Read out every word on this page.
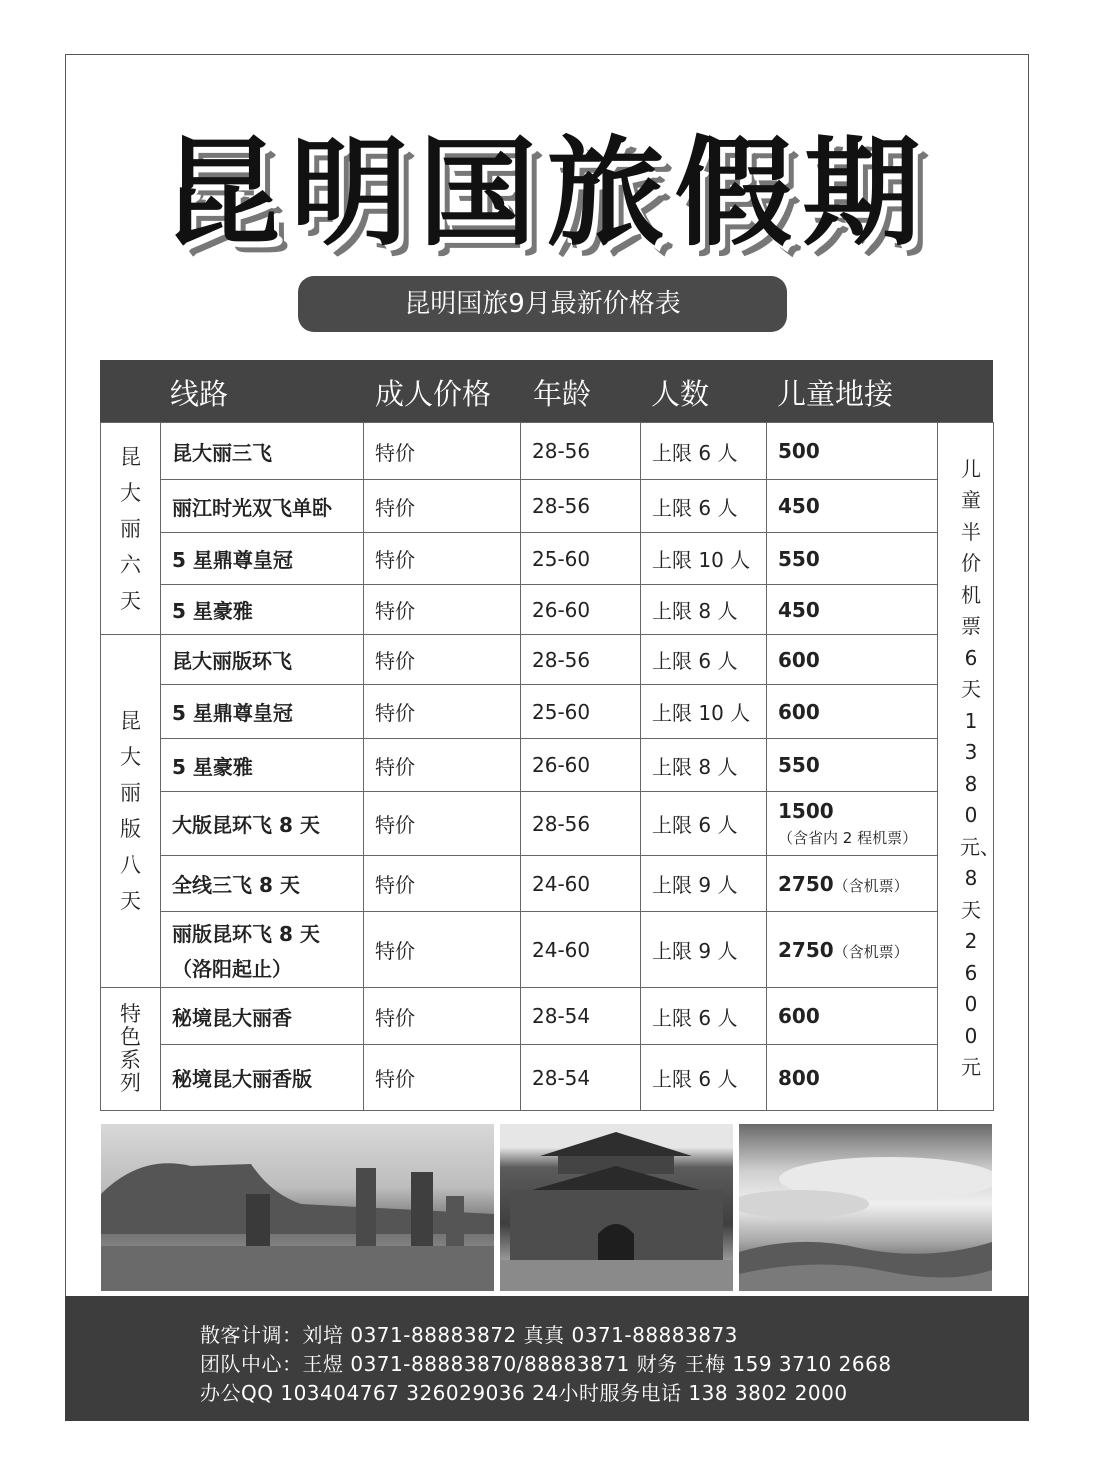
昆明国旅假期
昆明国旅9月最新价格表
线路	成人价格 年龄 人数 儿童地接
昆大丽六天	昆大丽三飞	特价	28-56	上限 6 人	500	儿童半价机票 6 天 1380 元、8 天 2600元
	丽江时光双飞单卧	特价	28-56	上限 6 人	450	
	5 星鼎尊皇冠	特价	25-60	上限 10 人	550	
	5 星豪雅	特价	26-60	上限 8 人	450	
昆大丽版八天	昆大丽版环飞	特价	28-56	上限 6 人	600	
	5 星鼎尊皇冠	特价	25-60	上限 10 人	600	
	5 星豪雅	特价	26-60	上限 8 人	550	
	大版昆环飞 8 天	特价	28-56	上限 6 人	1500
（含省内 2 程机票）	

	全线三飞 8 天	特价	24-60	上限 9 人	2750（含机票）	

	丽版昆环飞 8 天
（洛阳起止）	特价	24-60	上限 9 人	2750（含机票）	
特色系列	秘境昆大丽香	特价	28-54	上限 6 人	600	
	秘境昆大丽香版	特价	28-54	上限 6 人	800	
散客计调：刘培 0371-88883872 真真 0371-88883873
团队中心：王煜 0371-88883870/88883871 财务 王梅 159 3710 2668
办公QQ 103404767 326029036 24小时服务电话 138 3802 2000
